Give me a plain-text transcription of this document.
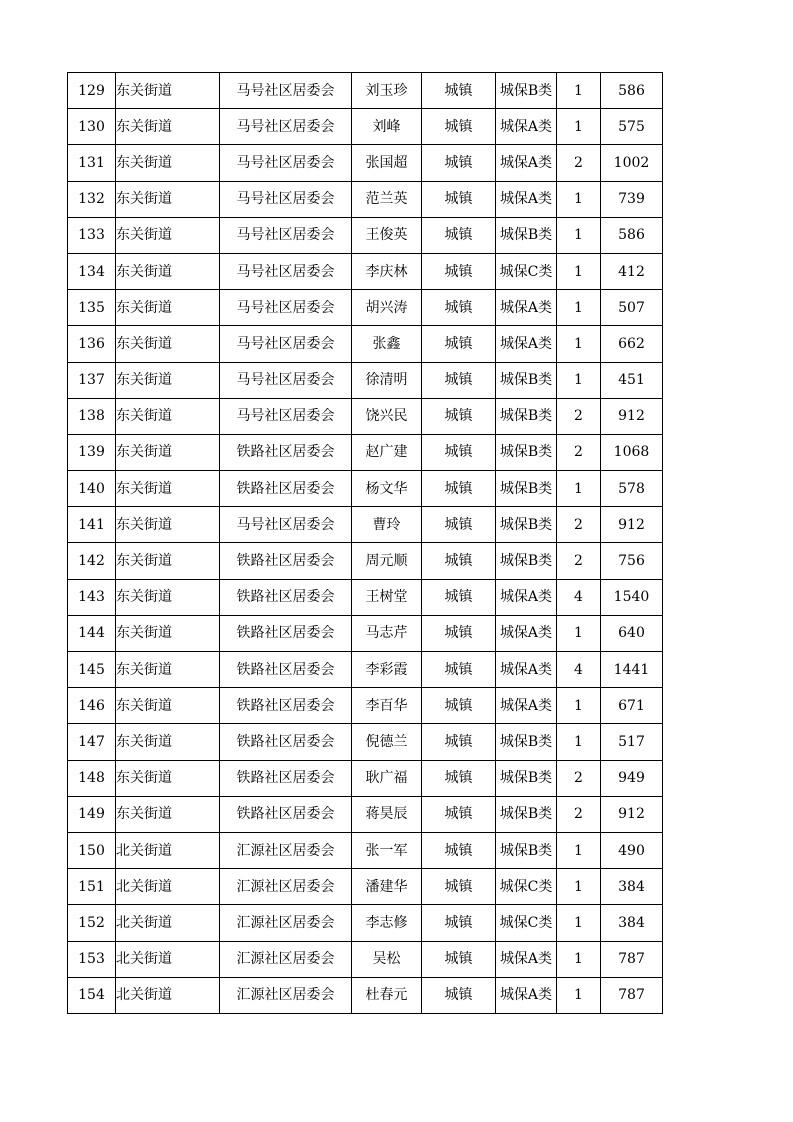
129	东关街道	马号社区居委会	刘玉珍	城镇	城保B类	1	586
130	东关街道	马号社区居委会	刘峰	城镇	城保A类	1	575
131	东关街道	马号社区居委会	张国超	城镇	城保A类	2	1002
132	东关街道	马号社区居委会	范兰英	城镇	城保A类	1	739
133	东关街道	马号社区居委会	王俊英	城镇	城保B类	1	586
134	东关街道	马号社区居委会	李庆林	城镇	城保C类	1	412
135	东关街道	马号社区居委会	胡兴涛	城镇	城保A类	1	507
136	东关街道	马号社区居委会	张鑫	城镇	城保A类	1	662
137	东关街道	马号社区居委会	徐清明	城镇	城保B类	1	451
138	东关街道	马号社区居委会	饶兴民	城镇	城保B类	2	912
139	东关街道	铁路社区居委会	赵广建	城镇	城保B类	2	1068
140	东关街道	铁路社区居委会	杨文华	城镇	城保B类	1	578
141	东关街道	马号社区居委会	曹玲	城镇	城保B类	2	912
142	东关街道	铁路社区居委会	周元顺	城镇	城保B类	2	756
143	东关街道	铁路社区居委会	王树堂	城镇	城保A类	4	1540
144	东关街道	铁路社区居委会	马志芹	城镇	城保A类	1	640
145	东关街道	铁路社区居委会	李彩霞	城镇	城保A类	4	1441
146	东关街道	铁路社区居委会	李百华	城镇	城保A类	1	671
147	东关街道	铁路社区居委会	倪德兰	城镇	城保B类	1	517
148	东关街道	铁路社区居委会	耿广福	城镇	城保B类	2	949
149	东关街道	铁路社区居委会	蒋昊辰	城镇	城保B类	2	912
150	北关街道	汇源社区居委会	张一军	城镇	城保B类	1	490
151	北关街道	汇源社区居委会	潘建华	城镇	城保C类	1	384
152	北关街道	汇源社区居委会	李志修	城镇	城保C类	1	384
153	北关街道	汇源社区居委会	吴松	城镇	城保A类	1	787
154	北关街道	汇源社区居委会	杜春元	城镇	城保A类	1	787
